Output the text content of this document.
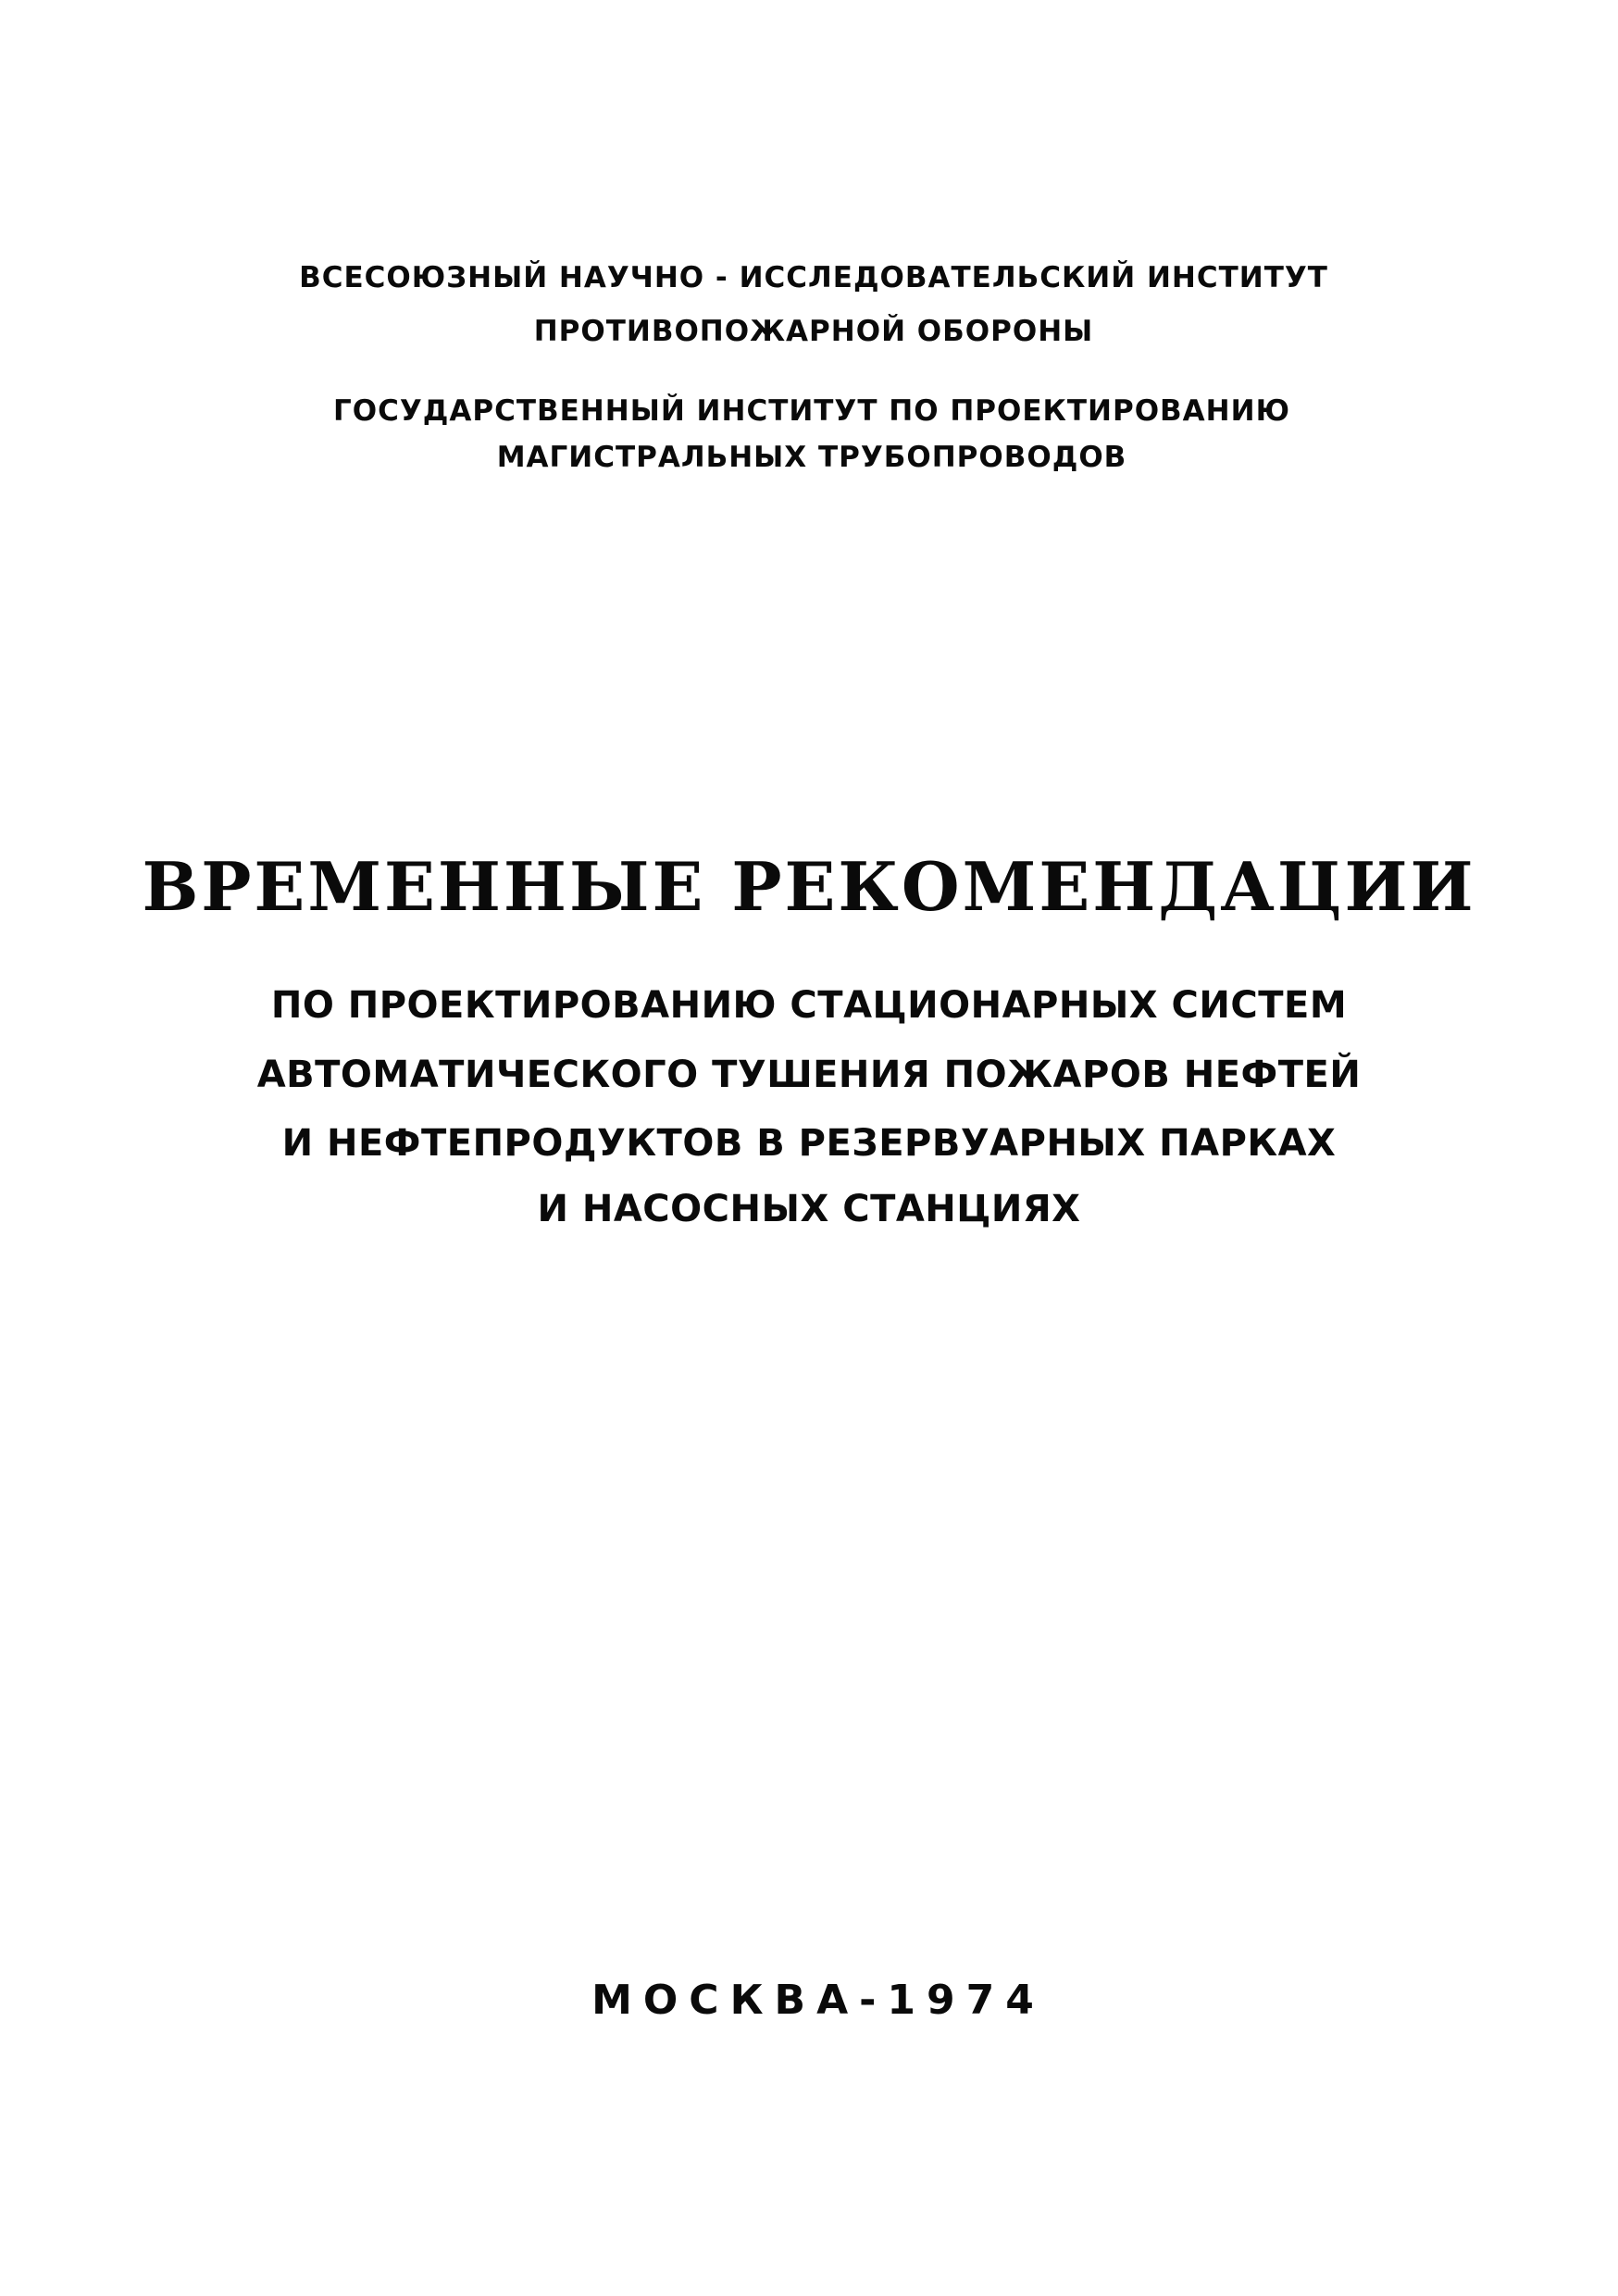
ВСЕСОЮЗНЫЙ НАУЧНО - ИССЛЕДОВАТЕЛЬСКИЙ ИНСТИТУТ
ПРОТИВОПОЖАРНОЙ ОБОРОНЫ
ГОСУДАРСТВЕННЫЙ ИНСТИТУТ ПО ПРОЕКТИРОВАНИЮ
МАГИСТРАЛЬНЫХ ТРУБОПРОВОДОВ
ВРЕМЕННЫЕ РЕКОМЕНДАЦИИ
ПО ПРОЕКТИРОВАНИЮ СТАЦИОНАРНЫХ СИСТЕМ
АВТОМАТИЧЕСКОГО ТУШЕНИЯ ПОЖАРОВ НЕФТЕЙ
И НЕФТЕПРОДУКТОВ В РЕЗЕРВУАРНЫХ ПАРКАХ
И НАСОСНЫХ СТАНЦИЯХ
МОСКВА-1974
